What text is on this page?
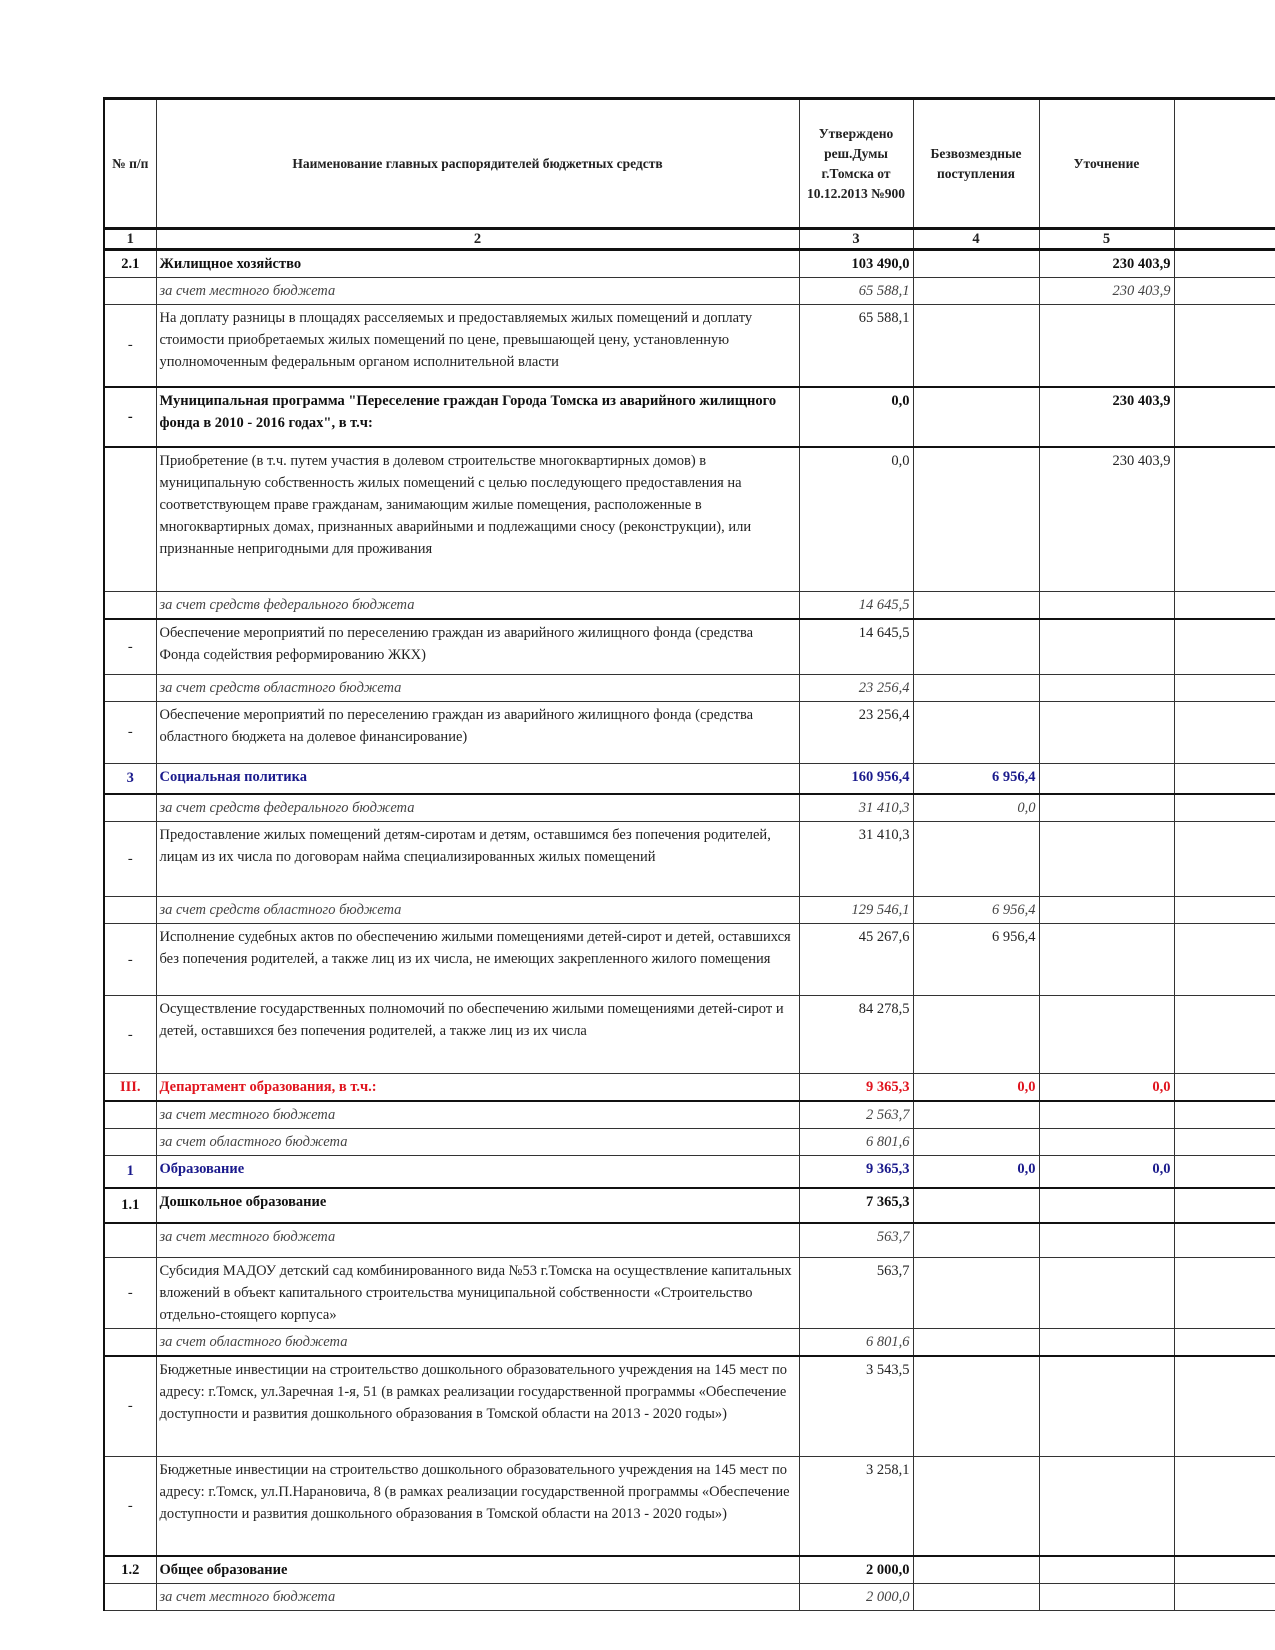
№ п/п	Наименование главных распорядителей бюджетных средств	Утверждено реш.Думы г.Томска от 10.12.2013 №900	Безвозмездные поступления	Уточнение	
1	2	3	4	5	
2.1	Жилищное хозяйство	103 490,0		230 403,9	
	за счет местного бюджета	65 588,1		230 403,9	
-	На доплату разницы в площадях расселяемых и предоставляемых жилых помещений и доплату стоимости приобретаемых жилых помещений по цене, превышающей цену, установленную уполномоченным федеральным органом исполнительной власти	65 588,1			
-	Муниципальная программа "Переселение граждан Города Томска из аварийного жилищного фонда в 2010 - 2016 годах", в т.ч:	0,0		230 403,9	
	Приобретение (в т.ч. путем участия в долевом строительстве многоквартирных домов) в муниципальную собственность жилых помещений с целью последующего предоставления на соответствующем праве гражданам, занимающим жилые помещения, расположенные в многоквартирных домах, признанных аварийными и подлежащими сносу (реконструкции), или признанные непригодными для проживания	0,0		230 403,9	
	за счет средств федерального бюджета	14 645,5			
-	Обеспечение мероприятий по переселению граждан из аварийного жилищного фонда (средства Фонда содействия реформированию ЖКХ)	14 645,5			
	за счет средств областного бюджета	23 256,4			
-	Обеспечение мероприятий по переселению граждан из аварийного жилищного фонда (средства областного бюджета на долевое финансирование)	23 256,4			
3	Социальная политика	160 956,4	6 956,4		
	за счет средств федерального бюджета	31 410,3	0,0		
-	Предоставление жилых помещений детям-сиротам и детям, оставшимся без попечения родителей, лицам из их числа по договорам найма специализированных жилых помещений	31 410,3			
	за счет средств областного бюджета	129 546,1	6 956,4		
-	Исполнение судебных актов по обеспечению жилыми помещениями детей-сирот и детей, оставшихся без попечения родителей, а также лиц из их числа, не имеющих закрепленного жилого помещения	45 267,6	6 956,4		
-	Осуществление государственных полномочий по обеспечению жилыми помещениями детей-сирот и детей, оставшихся без попечения родителей, а также лиц из их числа	84 278,5			
III.	Департамент образования, в т.ч.:	9 365,3	0,0	0,0	
	за счет местного бюджета	2 563,7			
	за счет областного бюджета	6 801,6			
1	Образование	9 365,3	0,0	0,0	
1.1	Дошкольное образование	7 365,3			
	за счет местного бюджета	563,7			
-	Субсидия МАДОУ детский сад комбинированного вида №53 г.Томска на осуществление капитальных вложений в объект капитального строительства муниципальной собственности «Строительство отдельно-стоящего корпуса»	563,7			
	за счет областного бюджета	6 801,6			
-	Бюджетные инвестиции на строительство дошкольного образовательного учреждения на 145 мест по адресу: г.Томск, ул.Заречная 1-я, 51 (в рамках реализации государственной программы «Обеспечение доступности и развития дошкольного образования в Томской области на 2013 - 2020 годы»)	3 543,5			
-	Бюджетные инвестиции на строительство дошкольного образовательного учреждения на 145 мест по адресу: г.Томск, ул.П.Нарановича, 8 (в рамках реализации государственной программы «Обеспечение доступности и развития дошкольного образования в Томской области на 2013 - 2020 годы»)	3 258,1			
1.2	Общее образование	2 000,0			
	за счет местного бюджета	2 000,0			
